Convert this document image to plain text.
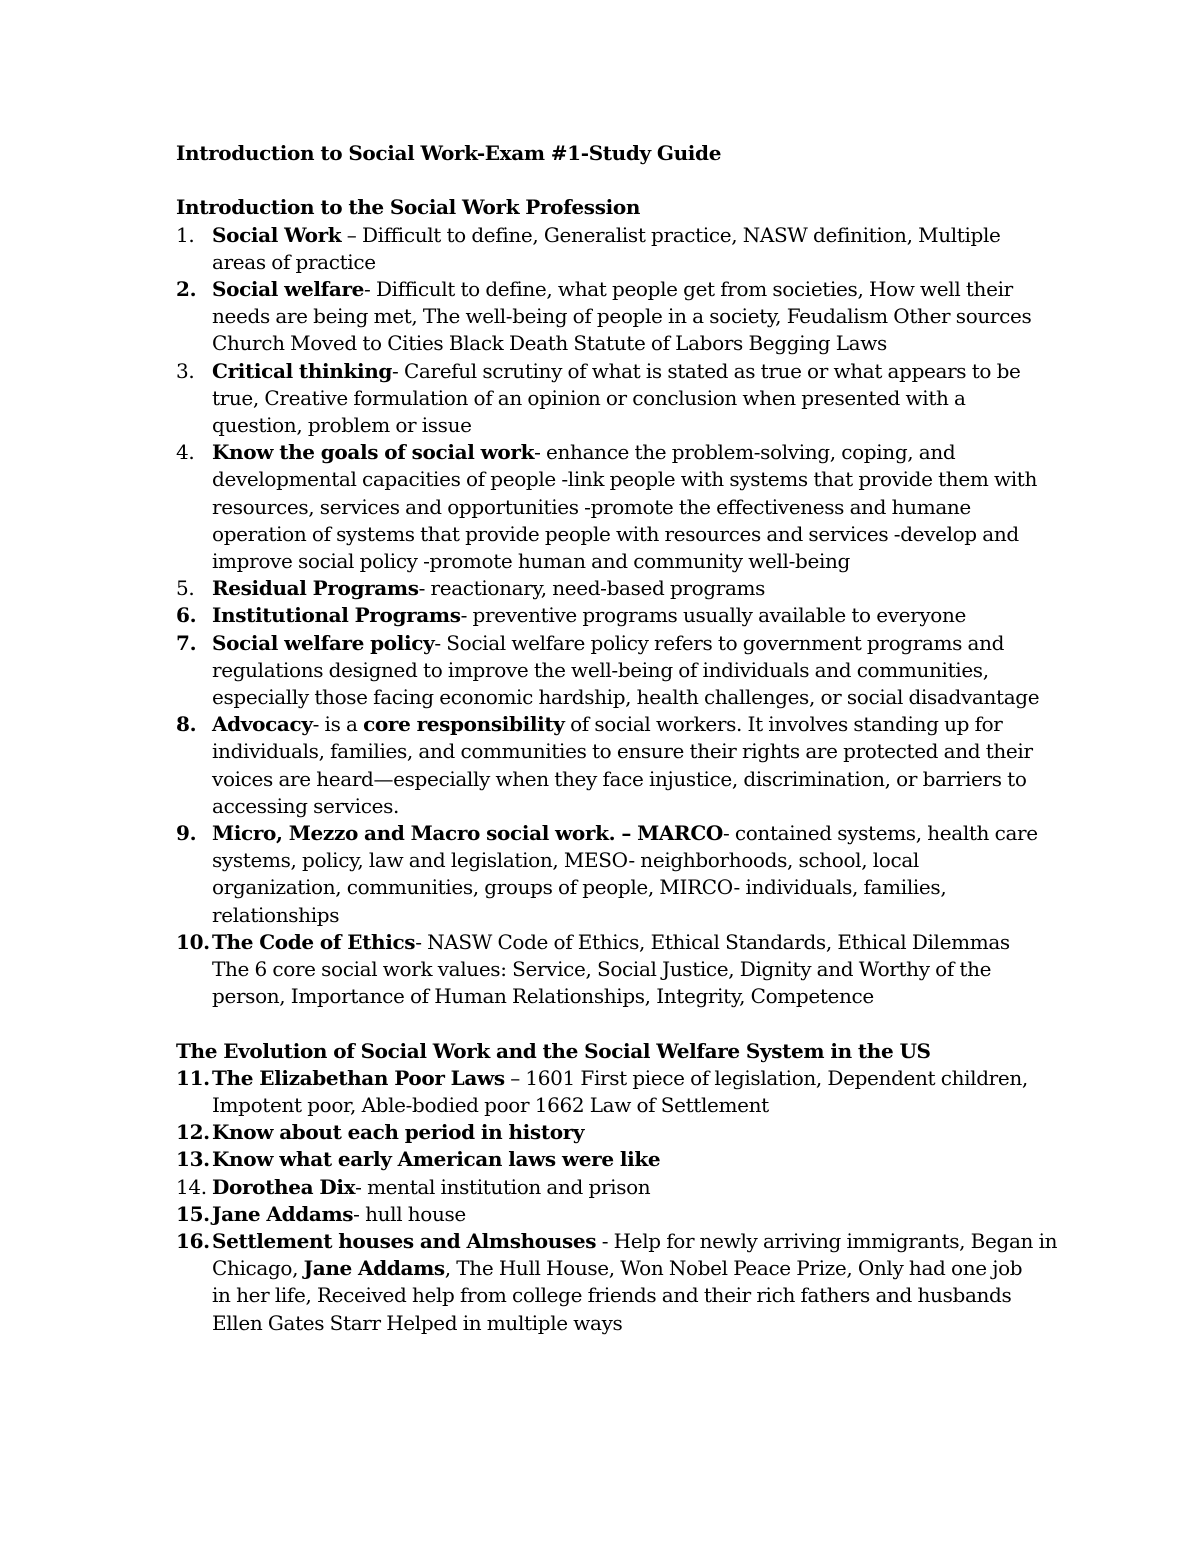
Introduction to Social Work-Exam #1-Study Guide

Introduction to the Social Work Profession

1. Social Work – Difficult to define, Generalist practice, NASW definition, Multiple
areas of practice
2. Social welfare- Difficult to define, what people get from societies, How well their
needs are being met, The well-being of people in a society, Feudalism Other sources
Church Moved to Cities Black Death Statute of Labors Begging Laws
3. Critical thinking- Careful scrutiny of what is stated as true or what appears to be
true, Creative formulation of an opinion or conclusion when presented with a
question, problem or issue
4. Know the goals of social work- enhance the problem-solving, coping, and
developmental capacities of people -link people with systems that provide them with
resources, services and opportunities -promote the effectiveness and humane
operation of systems that provide people with resources and services -develop and
improve social policy -promote human and community well-being
5. Residual Programs- reactionary, need-based programs
6. Institutional Programs- preventive programs usually available to everyone
7. Social welfare policy- Social welfare policy refers to government programs and
regulations designed to improve the well-being of individuals and communities,
especially those facing economic hardship, health challenges, or social disadvantage
8. Advocacy- is a core responsibility of social workers. It involves standing up for
individuals, families, and communities to ensure their rights are protected and their
voices are heard—especially when they face injustice, discrimination, or barriers to
accessing services.
9. Micro, Mezzo and Macro social work. – MARCO- contained systems, health care
systems, policy, law and legislation, MESO- neighborhoods, school, local
organization, communities, groups of people, MIRCO- individuals, families,
relationships
10. The Code of Ethics- NASW Code of Ethics, Ethical Standards, Ethical Dilemmas
The 6 core social work values: Service, Social Justice, Dignity and Worthy of the
person, Importance of Human Relationships, Integrity, Competence

The Evolution of Social Work and the Social Welfare System in the US

11. The Elizabethan Poor Laws – 1601 First piece of legislation, Dependent children,
Impotent poor, Able-bodied poor 1662 Law of Settlement
12. Know about each period in history
13. Know what early American laws were like
14. Dorothea Dix- mental institution and prison
15. Jane Addams- hull house
16. Settlement houses and Almshouses - Help for newly arriving immigrants, Began in
Chicago, Jane Addams, The Hull House, Won Nobel Peace Prize, Only had one job
in her life, Received help from college friends and their rich fathers and husbands
Ellen Gates Starr Helped in multiple ways
